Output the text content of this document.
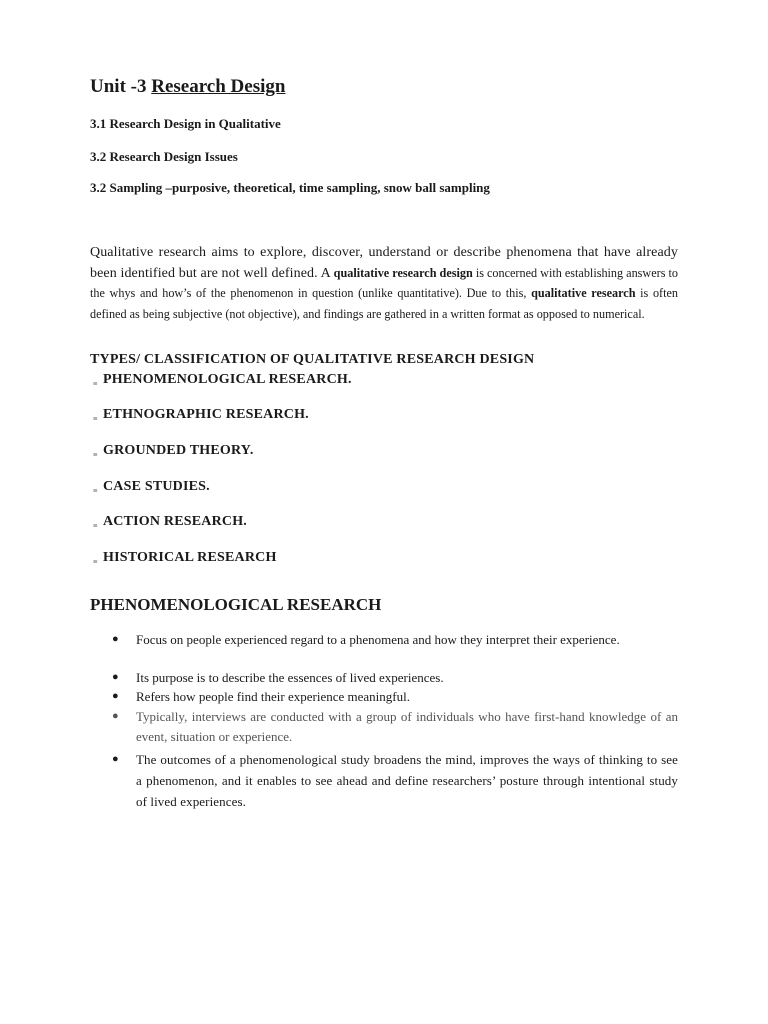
Unit -3 Research Design

3.1 Research Design in Qualitative

3.2 Research Design Issues

3.2 Sampling –purposive, theoretical, time sampling, snow ball sampling

Qualitative research aims to explore, discover, understand or describe phenomena that have already been identified but are not well defined. A qualitative research design is concerned with establishing answers to the whys and how’s of the phenomenon in question (unlike quantitative). Due to this, qualitative research is often defined as being subjective (not objective), and findings are gathered in a written format as opposed to numerical.

TYPES/ CLASSIFICATION OF QUALITATIVE RESEARCH DESIGN

≡ PHENOMENOLOGICAL RESEARCH.
≡ ETHNOGRAPHIC RESEARCH.
≡ GROUNDED THEORY.
≡ CASE STUDIES.
≡ ACTION RESEARCH.
≡ HISTORICAL RESEARCH
PHENOMENOLOGICAL RESEARCH
● Focus on people experienced regard to a phenomena and how they interpret their experience.
● Its purpose is to describe the essences of lived experiences.
● Refers how people find their experience meaningful.
● Typically, interviews are conducted with a group of individuals who have first-hand knowledge of an event, situation or experience.
● The outcomes of a phenomenological study broadens the mind, improves the ways of thinking to see a phenomenon, and it enables to see ahead and define researchers’ posture through intentional study of lived experiences.
